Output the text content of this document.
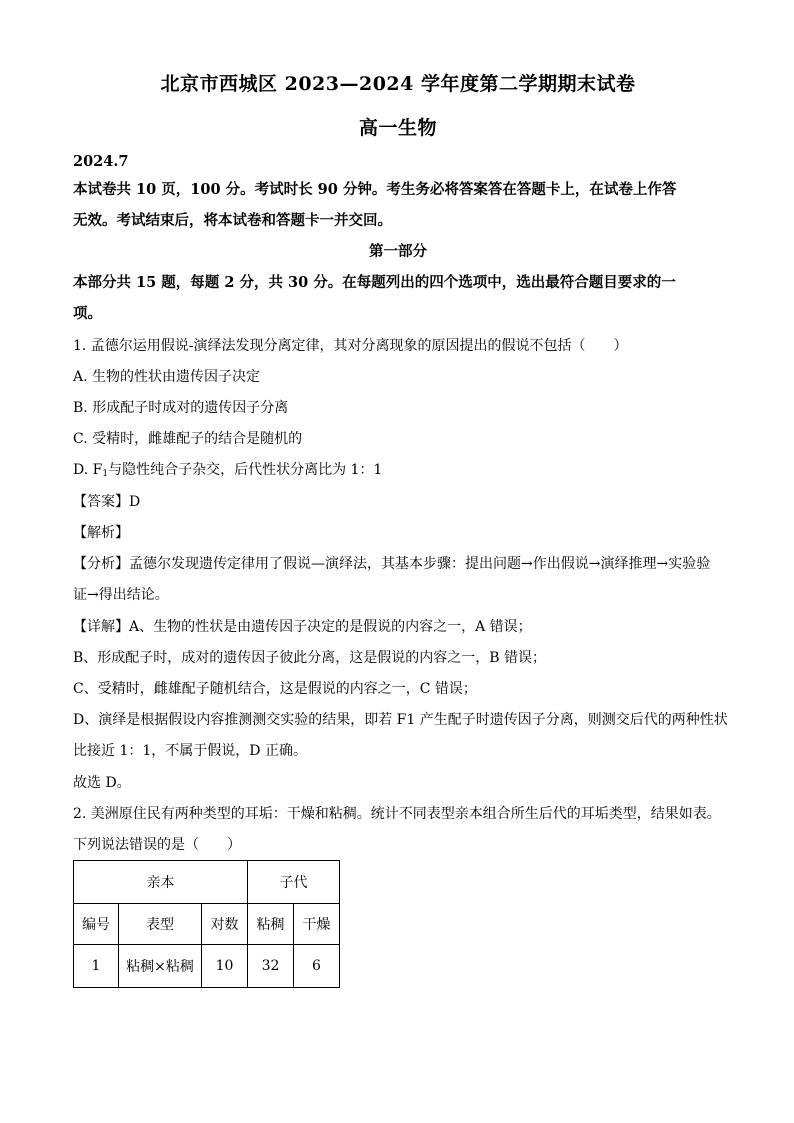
北京市西城区 2023—2024 学年度第二学期期末试卷
高一生物
2024.7
本试卷共 10 页，100 分。考试时长 90 分钟。考生务必将答案答在答题卡上，在试卷上作答
无效。考试结束后，将本试卷和答题卡一并交回。
第一部分
本部分共 15 题，每题 2 分，共 30 分。在每题列出的四个选项中，选出最符合题目要求的一
项。
1. 孟德尔运用假说-演绎法发现分离定律，其对分离现象的原因提出的假说不包括（　　）
A. 生物的性状由遗传因子决定
B. 形成配子时成对的遗传因子分离
C. 受精时，雌雄配子的结合是随机的
D. $F_1$与隐性纯合子杂交，后代性状分离比为 1：1
【答案】D
【解析】
【分析】孟德尔发现遗传定律用了假说—演绎法，其基本步骤：提出问题→作出假说→演绎推理→实验验
证→得出结论。
【详解】A、生物的性状是由遗传因子决定的是假说的内容之一，A 错误；
B、形成配子时，成对的遗传因子彼此分离，这是假说的内容之一，B 错误；
C、受精时，雌雄配子随机结合，这是假说的内容之一，C 错误；
D、演绎是根据假设内容推测测交实验的结果，即若 F1 产生配子时遗传因子分离，则测交后代的两种性状
比接近 1：1，不属于假说，D 正确。
故选 D。
2. 美洲原住民有两种类型的耳垢：干燥和粘稠。统计不同表型亲本组合所生后代的耳垢类型，结果如表。
下列说法错误的是（　　）
亲本			子代	
编号	表型	对数	粘稠	干燥
1	粘稠×粘稠	10	32	6
